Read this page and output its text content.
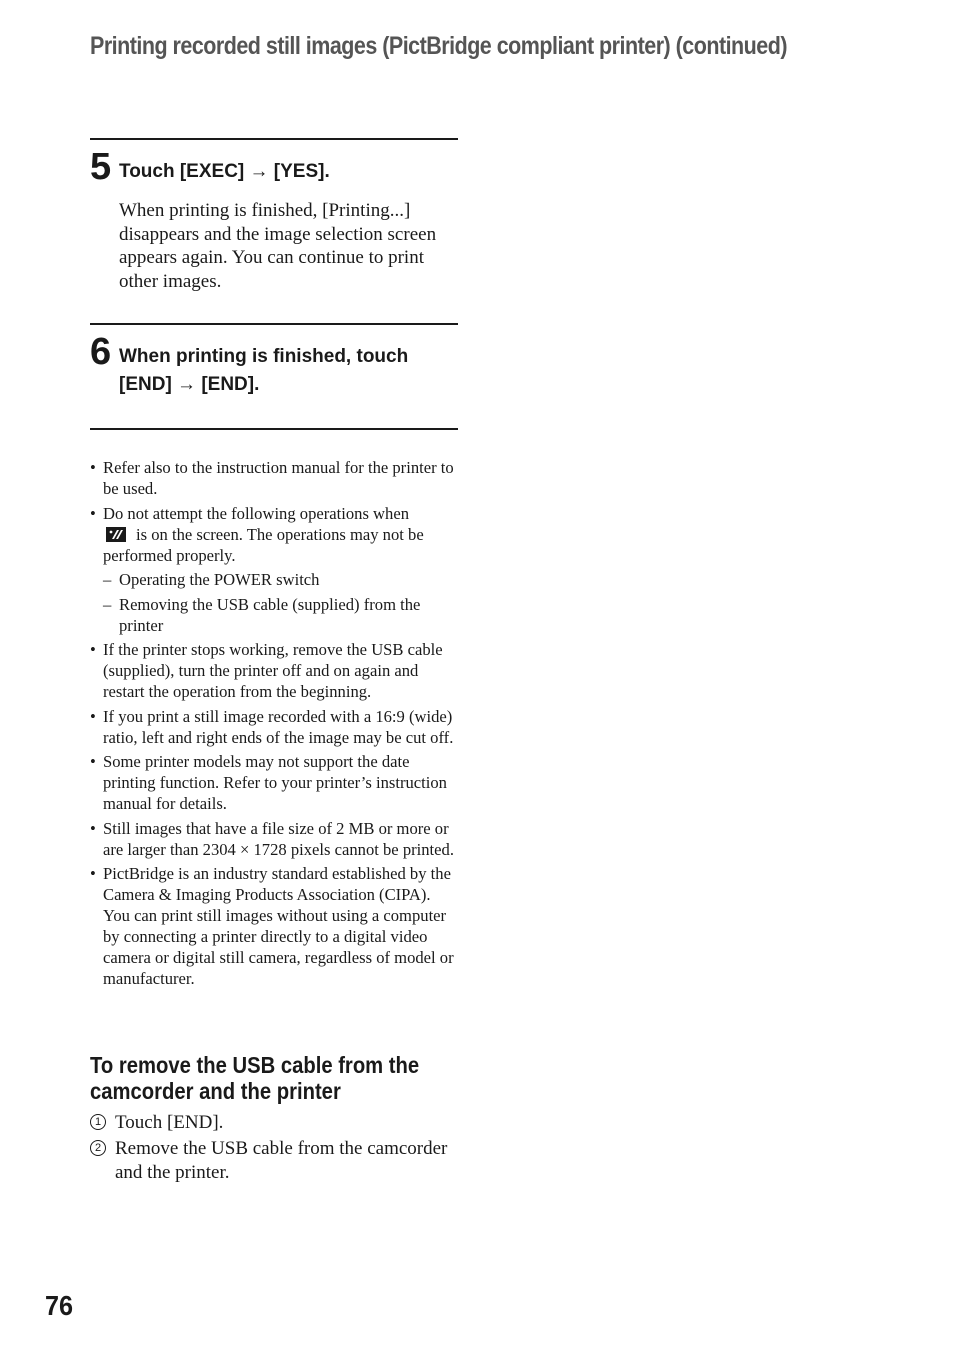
Printing recorded still images (PictBridge compliant printer) (continued)
5 Touch [EXEC] → [YES].
When printing is finished, [Printing...] disappears and the image selection screen appears again. You can continue to print other images.
6 When printing is finished, touch
[END] → [END].
• Refer also to the instruction manual for the printer to be used.
• Do not attempt the following operations when

is on the screen. The operations may not be performed properly.
– Operating the POWER switch
– Removing the USB cable (supplied) from the printer
• If the printer stops working, remove the USB cable (supplied), turn the printer off and on again and restart the operation from the beginning.
• If you print a still image recorded with a 16:9 (wide) ratio, left and right ends of the image may be cut off.
• Some printer models may not support the date printing function. Refer to your printer’s instruction manual for details.
• Still images that have a file size of 2 MB or more or are larger than 2304 × 1728 pixels cannot be printed.
• PictBridge is an industry standard established by the Camera & Imaging Products Association (CIPA). You can print still images without using a computer by connecting a printer directly to a digital video camera or digital still camera, regardless of model or manufacturer.
To remove the USB cable from the
camcorder and the printer
1 Touch [END].
2 Remove the USB cable from the camcorder and the printer.
76
